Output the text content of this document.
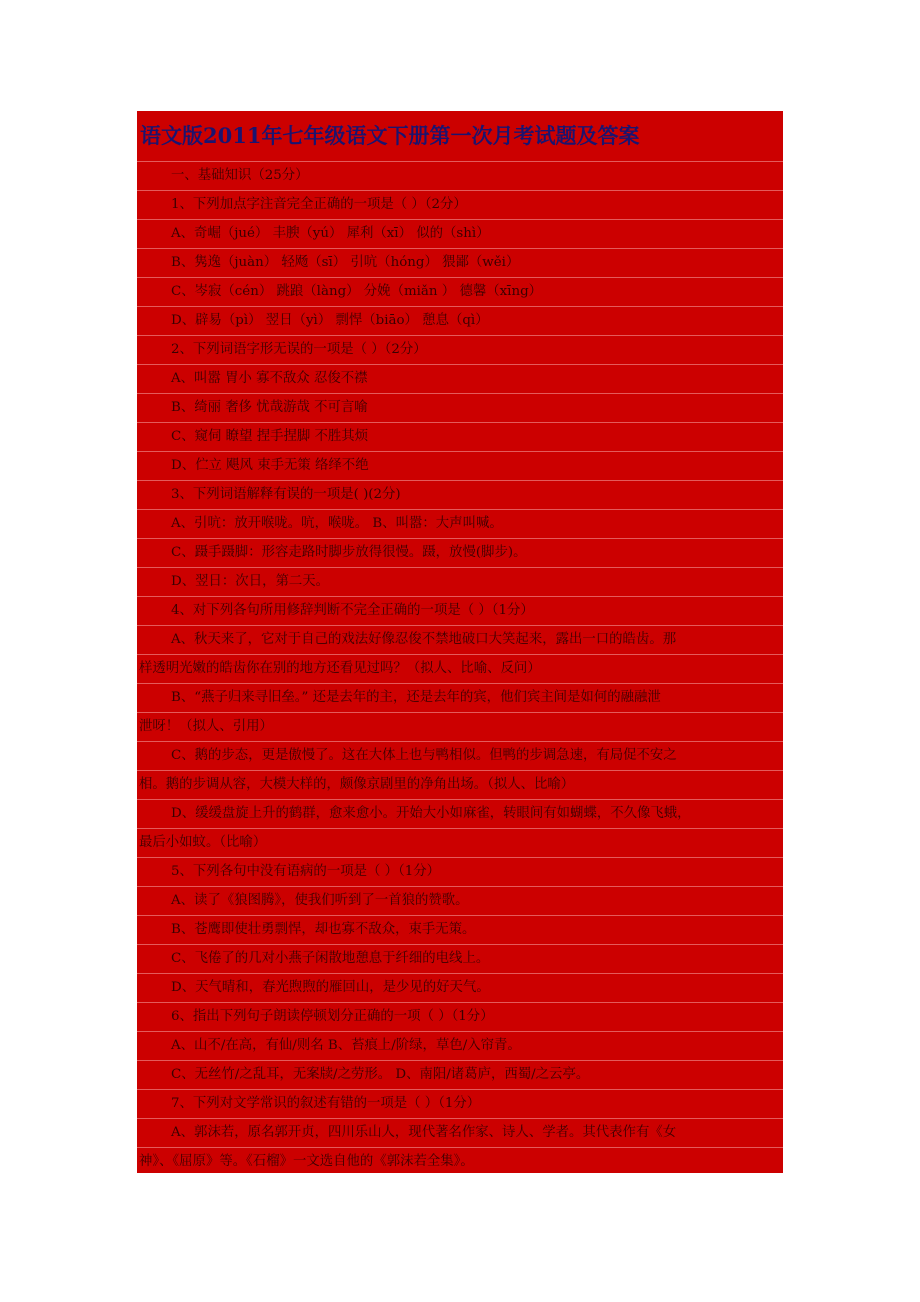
语文版2011年七年级语文下册第一次月考试题及答案
一、基础知识（25分）
1、下列加点字注音完全正确的一项是（ ）（2分）
A、奇崛（jué） 丰腴（yú） 犀利（xī） 似的（shì）
B、隽逸（juàn） 轻飏（sī） 引吭（hóng） 猥鄙（wěi）
C、岑寂（cén） 跳踉（làng） 分娩（miǎn ） 德馨（xīng）
D、辟易（pì） 翌日（yì） 剽悍（biāo） 憩息（qì）
2、下列词语字形无误的一项是（ ）（2分）
A、叫嚣 胃小 寡不敌众 忍俊不襟
B、绮丽 奢侈 忧哉游哉 不可言喻
C、窥伺 瞭望 捏手捏脚 不胜其烦
D、伫立 飓风 束手无策 络绎不绝
3、下列词语解释有误的一项是( )(2分)
A、引吭：放开喉咙。吭，喉咙。 B、叫嚣：大声叫喊。
C、蹑手蹑脚：形容走路时脚步放得很慢。蹑，放慢(脚步)。
D、翌日：次日，第二天。
4、对下列各句所用修辞判断不完全正确的一项是（ ）（1分）
A、秋天来了，它对于自己的戏法好像忍俊不禁地破口大笑起来，露出一口的皓齿。那
样透明光嫩的皓齿你在别的地方还看见过吗？（拟人、比喻、反问）
B、“燕子归来寻旧垒。” 还是去年的主，还是去年的宾，他们宾主间是如何的融融泄
泄呀！（拟人、引用）
C、鹅的步态，更是傲慢了。这在大体上也与鸭相似。但鸭的步调急速，有局促不安之
相。鹅的步调从容，大模大样的，颇像京剧里的净角出场。（拟人、比喻）
D、缓缓盘旋上升的鹤群，愈来愈小。开始大小如麻雀，转眼间有如蝴蝶，不久像飞蛾，
最后小如蚊。（比喻）
5、下列各句中没有语病的一项是（ ）（1分）
A、读了《狼图腾》，使我们听到了一首狼的赞歌。
B、苍鹰即使壮勇剽悍，却也寡不敌众，束手无策。
C、飞倦了的几对小燕子闲散地憩息于纤细的电线上。
D、天气晴和，春光煦煦的雁回山，是少见的好天气。
6、指出下列句子朗读停顿划分正确的一项（ ）（1分）
A、山不/在高，有仙/则名 B、苔痕上/阶绿，草色/入帘青。
C、无丝竹/之乱耳，无案牍/之劳形。 D、南阳/诸葛庐，西蜀/之云亭。
7、下列对文学常识的叙述有错的一项是（ ）（1分）
A、郭沫若，原名郭开贞，四川乐山人，现代著名作家、诗人、学者。其代表作有《女
神》、《屈原》等。《石榴》一文选自他的《郭沫若全集》。
